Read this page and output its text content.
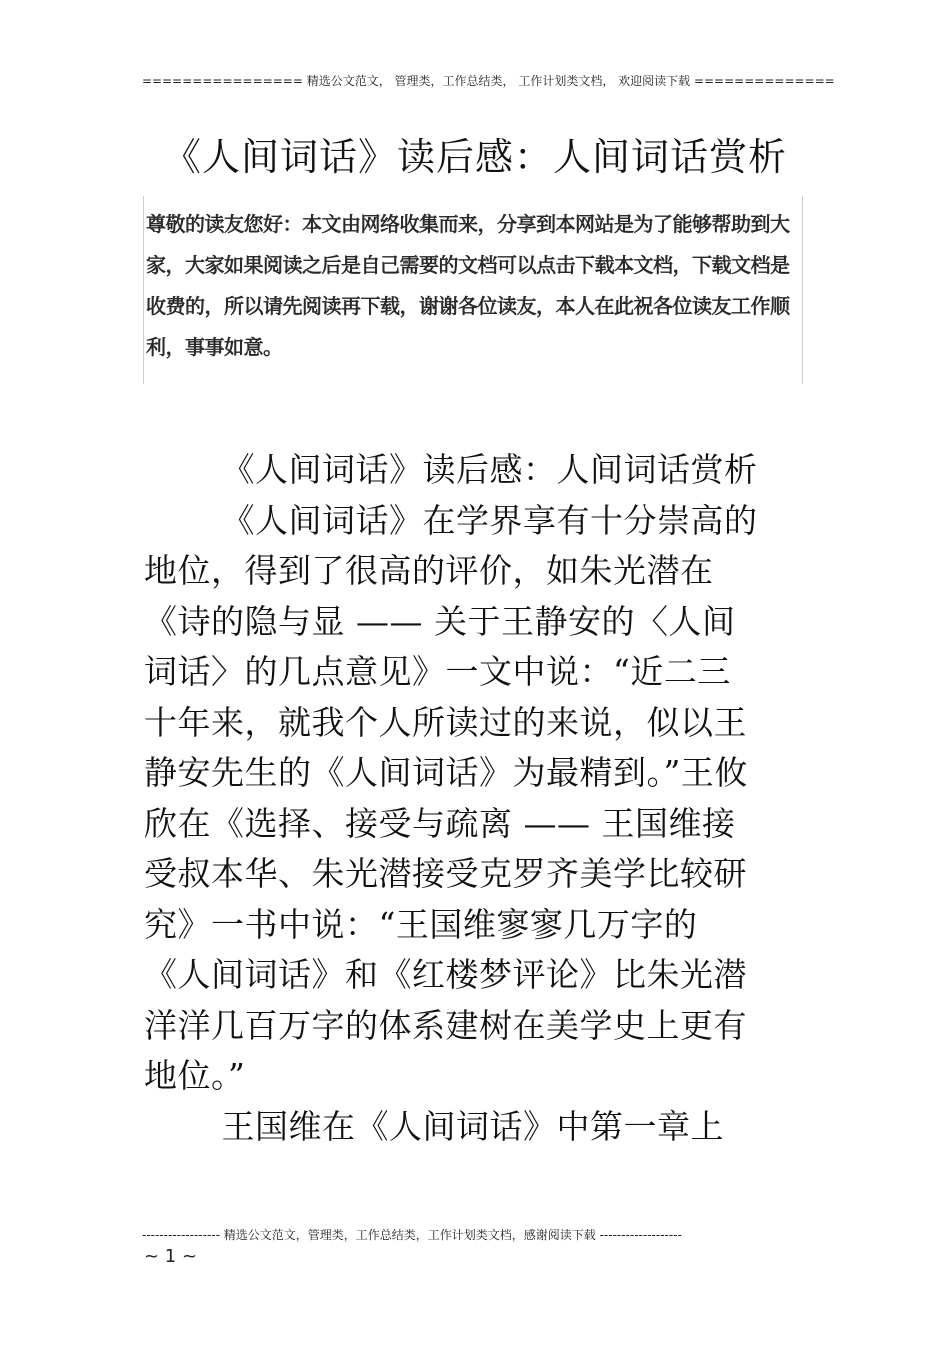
================ 精选公文范文， 管理类，工作总结类， 工作计划类文档， 欢迎阅读下载 ==============
《人间词话》读后感：人间词话赏析

尊敬的读友您好：本文由网络收集而来，分享到本网站是为了能够帮助到大家，大家如果阅读之后是自己需要的文档可以点击下载本文档，下载文档是收费的，所以请先阅读再下载，谢谢各位读友，本人在此祝各位读友工作顺利，事事如意。

《人间词话》读后感：人间词话赏析

《人间词话》在学界享有十分崇高的地位，得到了很高的评价，如朱光潜在《诗的隐与显 —— 关于王静安的〈人间词话〉的几点意见》一文中说：“近二三十年来，就我个人所读过的来说，似以王静安先生的《人间词话》为最精到。”王攸欣在《选择、接受与疏离 —— 王国维接受叔本华、朱光潜接受克罗齐美学比较研究》一书中说：“王国维寥寥几万字的《人间词话》和《红楼梦评论》比朱光潜洋洋几百万字的体系建树在美学史上更有地位。”

王国维在《人间词话》中第一章上

------------------ 精选公文范文，管理类，工作总结类，工作计划类文档，感谢阅读下载 -------------------
~ 1 ~
